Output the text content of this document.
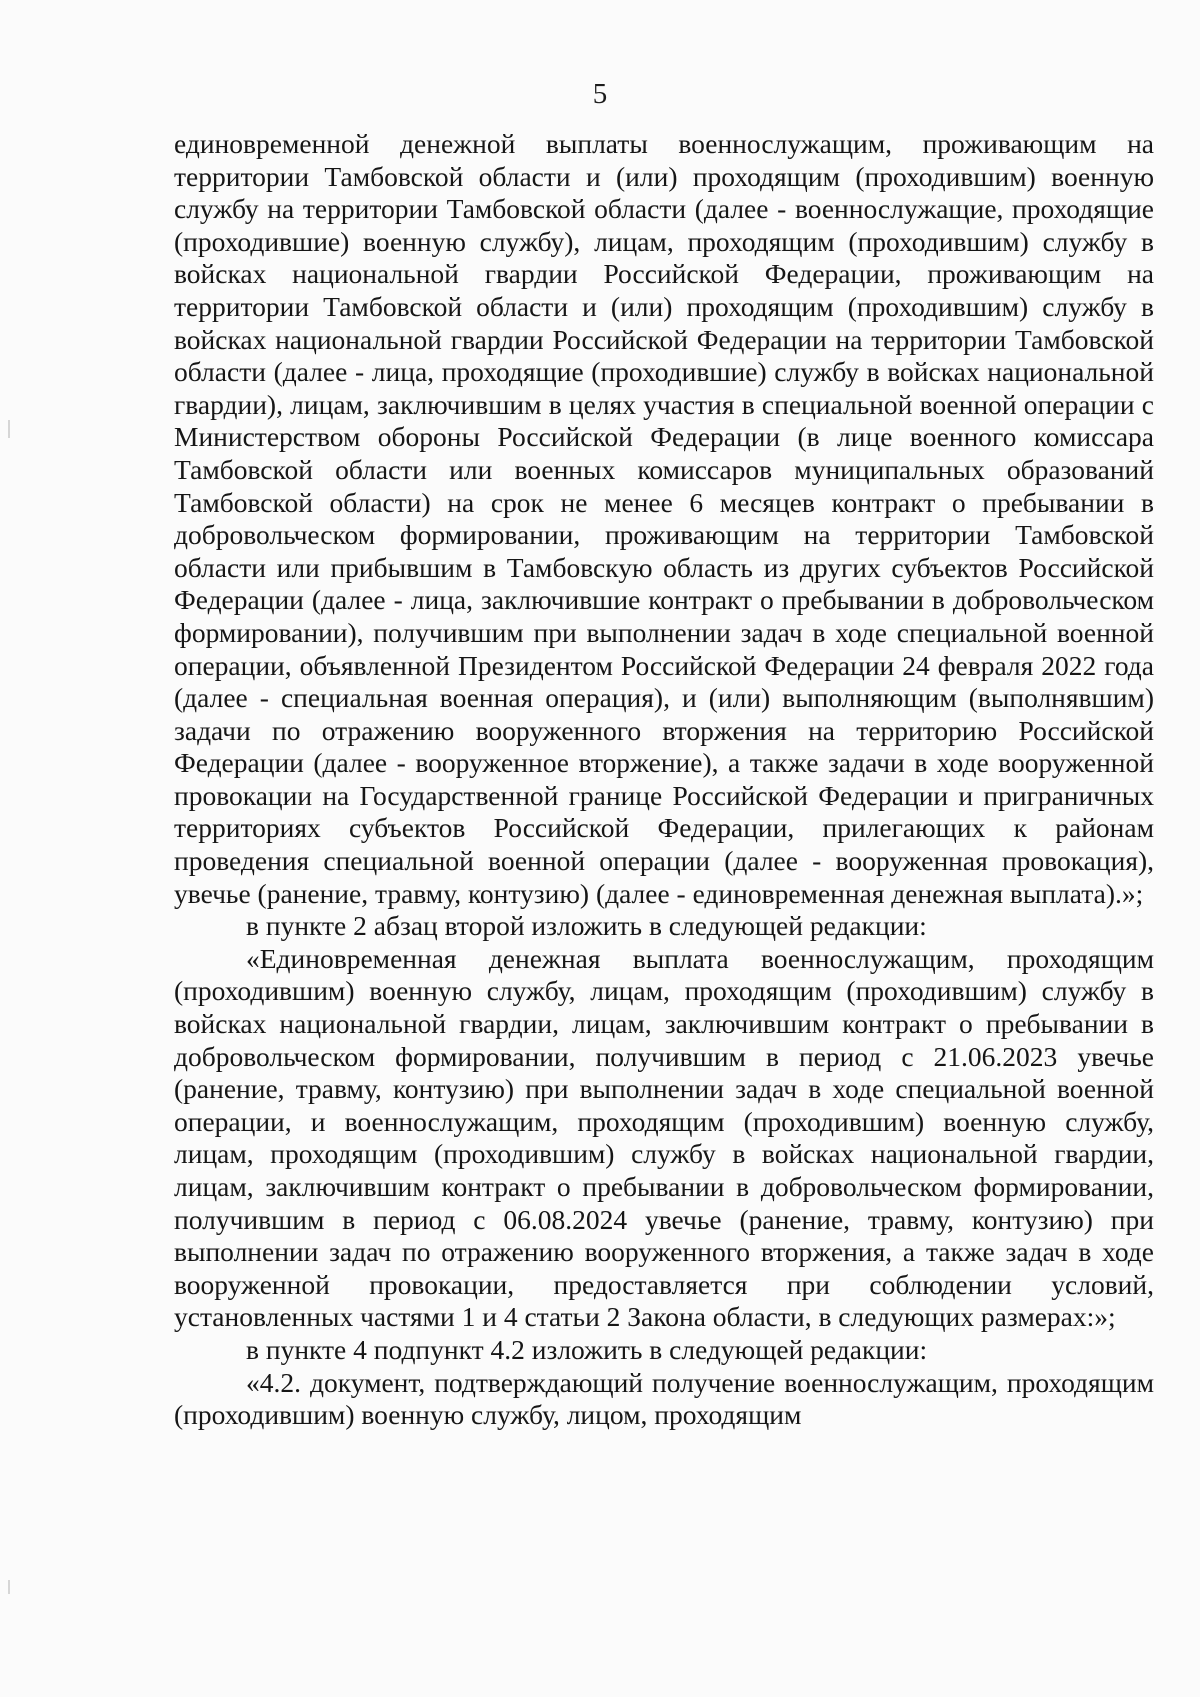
5

единовременной денежной выплаты военнослужащим, проживающим на территории Тамбовской области и (или) проходящим (проходившим) военную службу на территории Тамбовской области (далее - военнослужащие, проходящие (проходившие) военную службу), лицам, проходящим (проходившим) службу в войсках национальной гвардии Российской Федерации, проживающим на территории Тамбовской области и (или) проходящим (проходившим) службу в войсках национальной гвардии Российской Федерации на территории Тамбовской области (далее - лица, проходящие (проходившие) службу в войсках национальной гвардии), лицам, заключившим в целях участия в специальной военной операции с Министерством обороны Российской Федерации (в лице военного комиссара Тамбовской области или военных комиссаров муниципальных образований Тамбовской области) на срок не менее 6 месяцев контракт о пребывании в добровольческом формировании, проживающим на территории Тамбовской области или прибывшим в Тамбовскую область из других субъектов Российской Федерации (далее - лица, заключившие контракт о пребывании в добровольческом формировании), получившим при выполнении задач в ходе специальной военной операции, объявленной Президентом Российской Федерации 24 февраля 2022 года (далее - специальная военная операция), и (или) выполняющим (выполнявшим) задачи по отражению вооруженного вторжения на территорию Российской Федерации (далее - вооруженное вторжение), а также задачи в ходе вооруженной провокации на Государственной границе Российской Федерации и приграничных территориях субъектов Российской Федерации, прилегающих к районам проведения специальной военной операции (далее - вооруженная провокация), увечье (ранение, травму, контузию) (далее - единовременная денежная выплата).»;

в пункте 2 абзац второй изложить в следующей редакции:

«Единовременная денежная выплата военнослужащим, проходящим (проходившим) военную службу, лицам, проходящим (проходившим) службу в войсках национальной гвардии, лицам, заключившим контракт о пребывании в добровольческом формировании, получившим в период с 21.06.2023 увечье (ранение, травму, контузию) при выполнении задач в ходе специальной военной операции, и военнослужащим, проходящим (проходившим) военную службу, лицам, проходящим (проходившим) службу в войсках национальной гвардии, лицам, заключившим контракт о пребывании в добровольческом формировании, получившим в период с 06.08.2024 увечье (ранение, травму, контузию) при выполнении задач по отражению вооруженного вторжения, а также задач в ходе вооруженной провокации, предоставляется при соблюдении условий, установленных частями 1 и 4 статьи 2 Закона области, в следующих размерах:»;

в пункте 4 подпункт 4.2 изложить в следующей редакции:

«4.2. документ, подтверждающий получение военнослужащим, проходящим (проходившим) военную службу, лицом, проходящим
